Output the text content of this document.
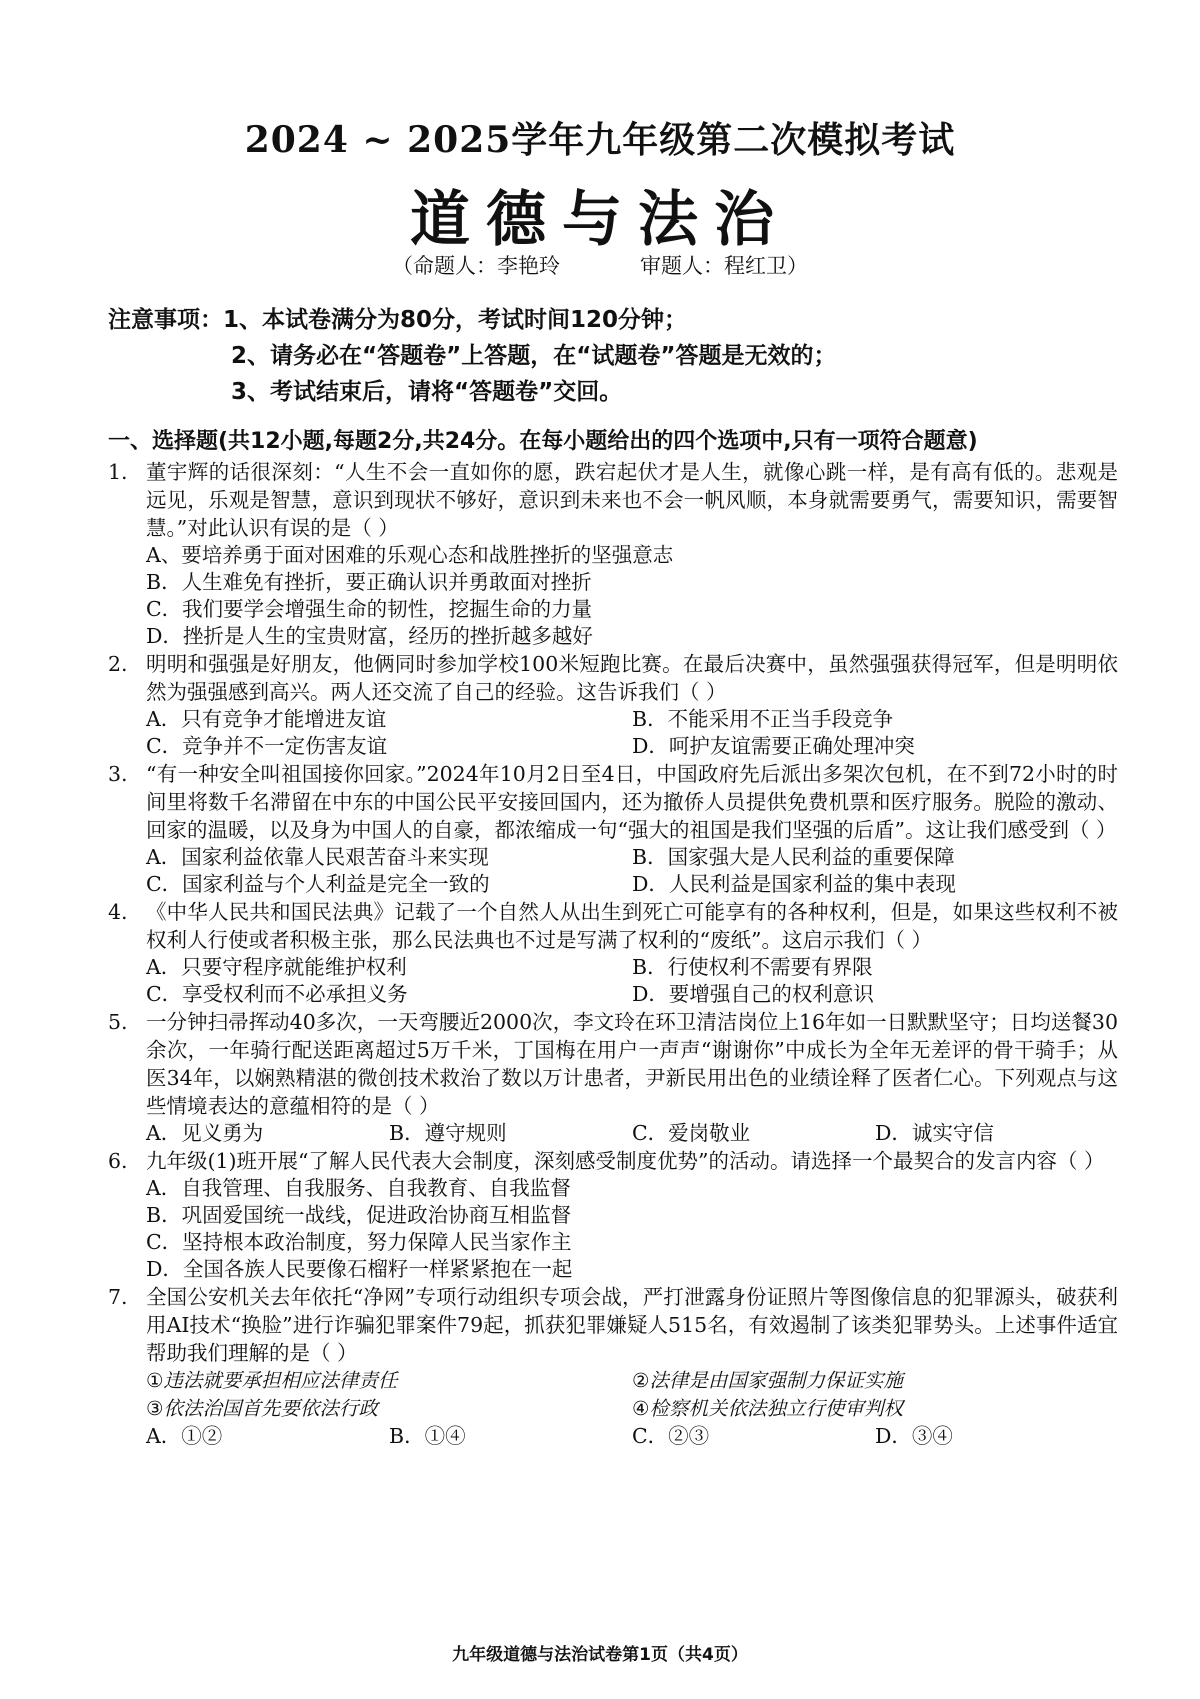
2024 ~ 2025学年九年级第二次模拟考试
道德与法治
（命题人：李艳玲	审题人：程红卫）
注意事项：1、本试卷满分为80分，考试时间120分钟；
2、请务必在“答题卷”上答题，在“试题卷”答题是无效的；
3、考试结束后，请将“答题卷”交回。
一、选择题(共12小题,每题2分,共24分。在每小题给出的四个选项中,只有一项符合题意)
1. 董宇辉的话很深刻：“人生不会一直如你的愿，跌宕起伏才是人生，就像心跳一样，是有高有低的。悲观是远见，乐观是智慧，意识到现状不够好，意识到未来也不会一帆风顺，本身就需要勇气，需要知识，需要智慧。”对此认识有误的是（ ）
A、要培养勇于面对困难的乐观心态和战胜挫折的坚强意志
B．人生难免有挫折，要正确认识并勇敢面对挫折
C．我们要学会增强生命的韧性，挖掘生命的力量
D．挫折是人生的宝贵财富，经历的挫折越多越好
2. 明明和强强是好朋友，他俩同时参加学校100米短跑比赛。在最后决赛中，虽然强强获得冠军，但是明明依然为强强感到高兴。两人还交流了自己的经验。这告诉我们（ ）
A．只有竞争才能增进友谊	B．不能采用不正当手段竞争
C．竞争并不一定伤害友谊	D．呵护友谊需要正确处理冲突
3. “有一种安全叫祖国接你回家。”2024年10月2日至4日，中国政府先后派出多架次包机，在不到72小时的时间里将数千名滞留在中东的中国公民平安接回国内，还为撤侨人员提供免费机票和医疗服务。脱险的激动、回家的温暖，以及身为中国人的自豪，都浓缩成一句“强大的祖国是我们坚强的后盾”。这让我们感受到（ ）
A．国家利益依靠人民艰苦奋斗来实现	B．国家强大是人民利益的重要保障
C．国家利益与个人利益是完全一致的	D．人民利益是国家利益的集中表现
4. 《中华人民共和国民法典》记载了一个自然人从出生到死亡可能享有的各种权利，但是，如果这些权利不被权利人行使或者积极主张，那么民法典也不过是写满了权利的“废纸”。这启示我们（ ）
A．只要守程序就能维护权利	B．行使权利不需要有界限
C．享受权利而不必承担义务	D．要增强自己的权利意识
5. 一分钟扫帚挥动40多次，一天弯腰近2000次，李文玲在环卫清洁岗位上16年如一日默默坚守；日均送餐30余次，一年骑行配送距离超过5万千米，丁国梅在用户一声声“谢谢你”中成长为全年无差评的骨干骑手；从医34年，以娴熟精湛的微创技术救治了数以万计患者，尹新民用出色的业绩诠释了医者仁心。下列观点与这些情境表达的意蕴相符的是（ ）
A．见义勇为	B．遵守规则	C．爱岗敬业	D．诚实守信
6. 九年级(1)班开展“了解人民代表大会制度，深刻感受制度优势”的活动。请选择一个最契合的发言内容（ ）
A．自我管理、自我服务、自我教育、自我监督
B．巩固爱国统一战线，促进政治协商互相监督
C．坚持根本政治制度，努力保障人民当家作主
D．全国各族人民要像石榴籽一样紧紧抱在一起
7. 全国公安机关去年依托“净网”专项行动组织专项会战，严打泄露身份证照片等图像信息的犯罪源头，破获利用AI技术“换脸”进行诈骗犯罪案件79起，抓获犯罪嫌疑人515名，有效遏制了该类犯罪势头。上述事件适宜帮助我们理解的是（ ）
①违法就要承担相应法律责任	②法律是由国家强制力保证实施
③依法治国首先要依法行政	④检察机关依法独立行使审判权
A．①②	B．①④	C．②③	D．③④
九年级道德与法治试卷第1页（共4页）
